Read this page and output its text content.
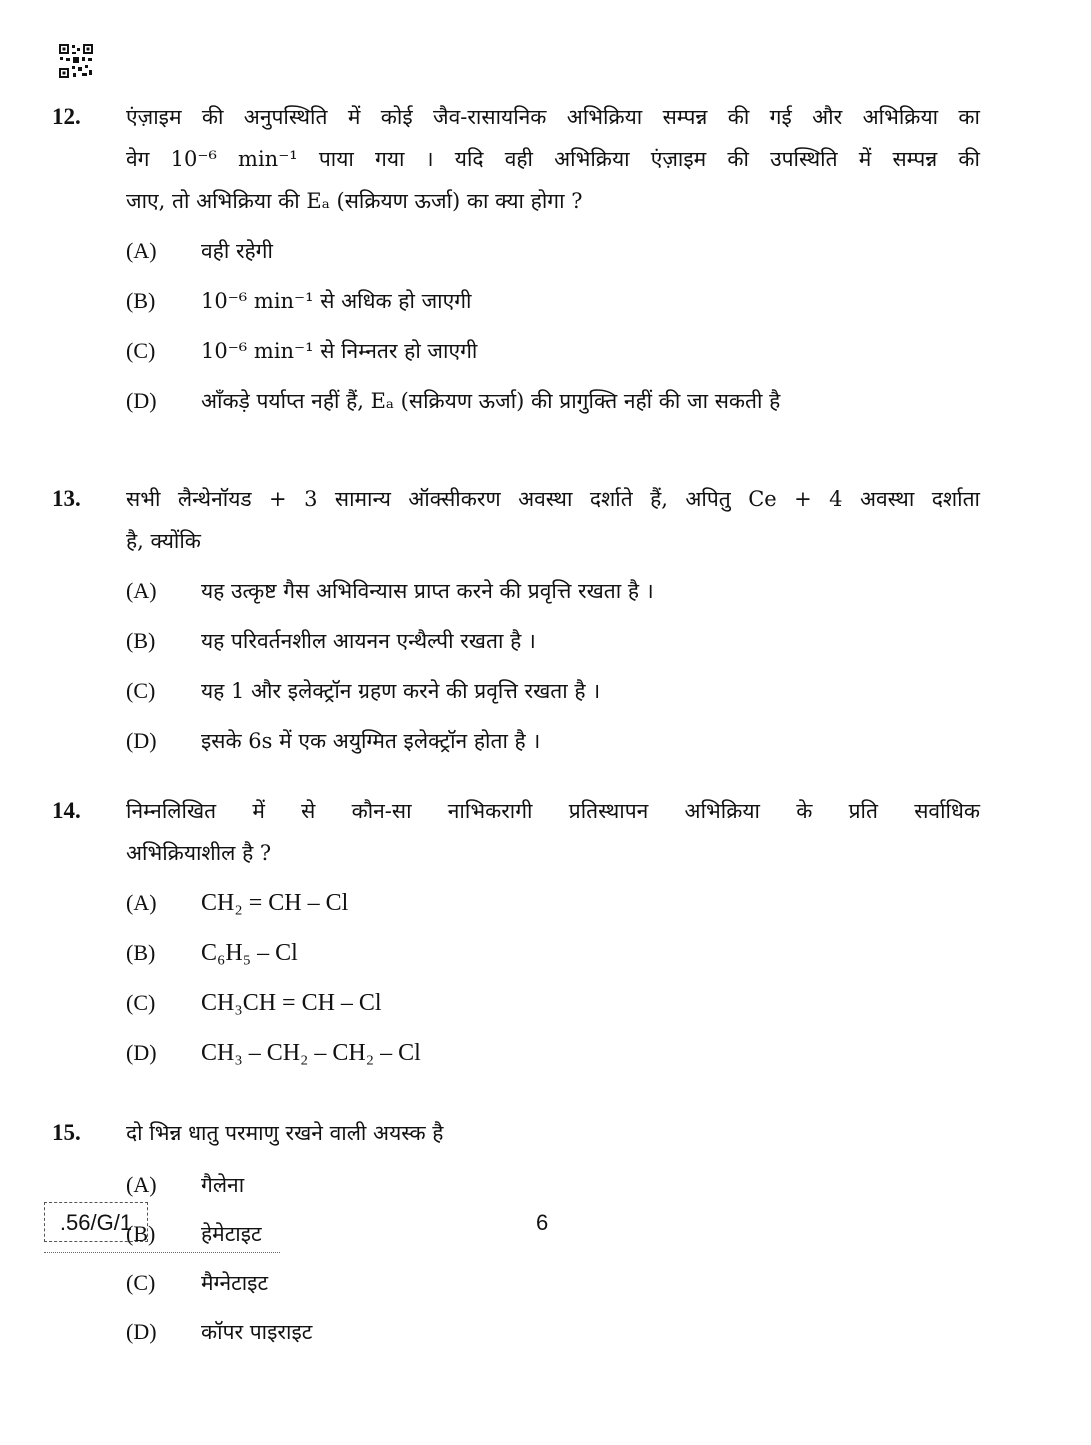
12. एंज़ाइम की अनुपस्थिति में कोई जैव-रासायनिक अभिक्रिया सम्पन्न की गई और अभिक्रिया का
वेग 10⁻⁶ min⁻¹ पाया गया । यदि वही अभिक्रिया एंज़ाइम की उपस्थिति में सम्पन्न की
जाए, तो अभिक्रिया की Eₐ (सक्रियण ऊर्जा) का क्या होगा ?
(A) वही रहेगी
(B) 10⁻⁶ min⁻¹ से अधिक हो जाएगी
(C) 10⁻⁶ min⁻¹ से निम्नतर हो जाएगी
(D) आँकड़े पर्याप्त नहीं हैं, Eₐ (सक्रियण ऊर्जा) की प्रागुक्ति नहीं की जा सकती है
13. सभी लैन्थेनॉयड + 3 सामान्य ऑक्सीकरण अवस्था दर्शाते हैं, अपितु Ce + 4 अवस्था दर्शाता
है, क्योंकि
(A) यह उत्कृष्ट गैस अभिविन्यास प्राप्त करने की प्रवृत्ति रखता है ।
(B) यह परिवर्तनशील आयनन एन्थैल्पी रखता है ।
(C) यह 1 और इलेक्ट्रॉन ग्रहण करने की प्रवृत्ति रखता है ।
(D) इसके 6s में एक अयुग्मित इलेक्ट्रॉन होता है ।
14. निम्नलिखित में से कौन-सा नाभिकरागी प्रतिस्थापन अभिक्रिया के प्रति सर्वाधिक
अभिक्रियाशील है ?
(A) CH₂ = CH – Cl
(B) C₆H₅ – Cl
(C) CH₃CH = CH – Cl
(D) CH₃ – CH₂ – CH₂ – Cl
15. दो भिन्न धातु परमाणु रखने वाली अयस्क है
(A) गैलेना
(B) हेमेटाइट
(C) मैग्नेटाइट
(D) कॉपर पाइराइट
.56/G/1	6
